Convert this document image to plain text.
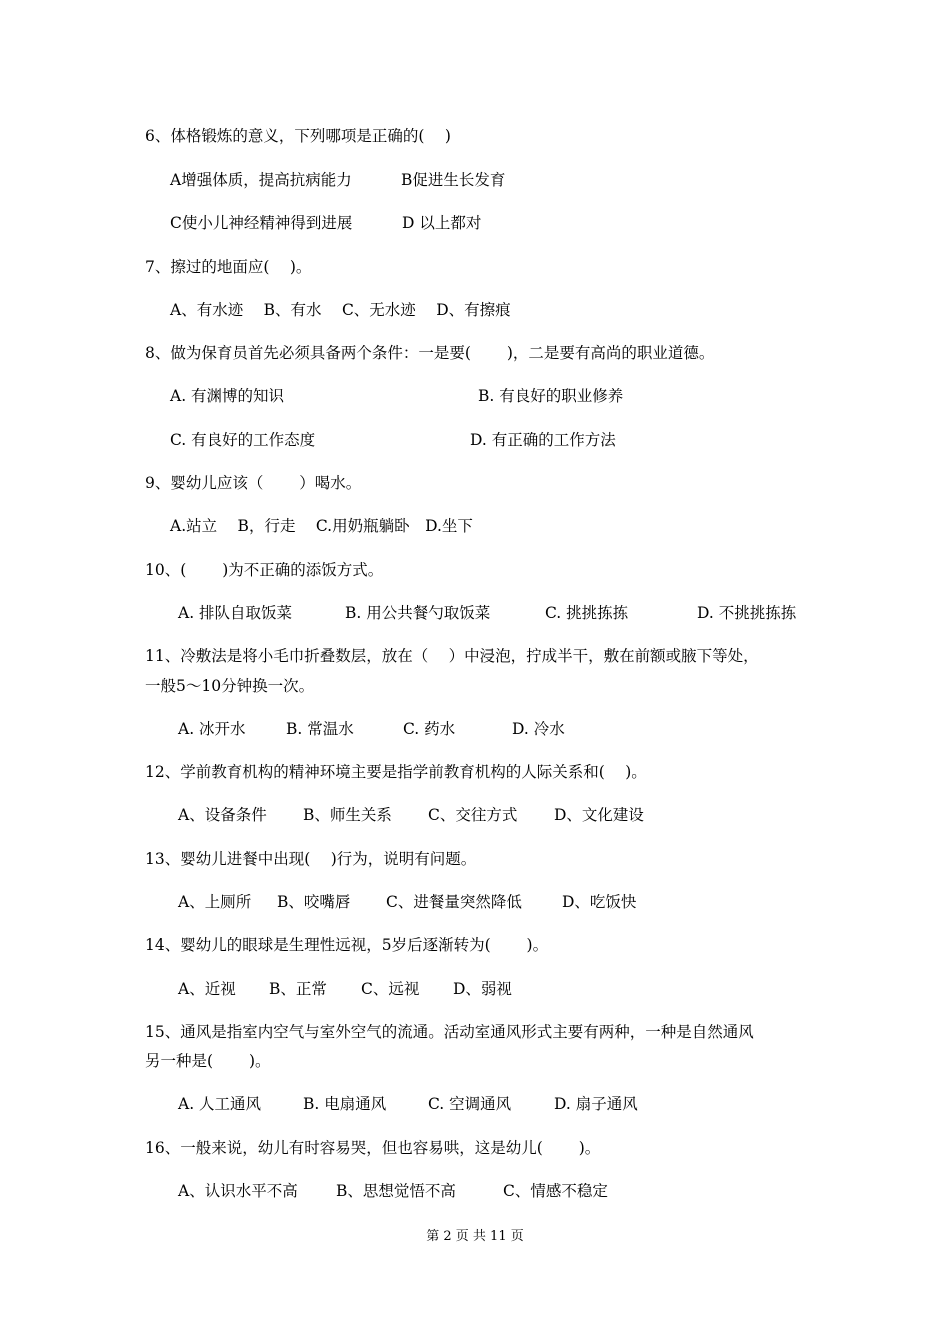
6、体格锻炼的意义，下列哪项是正确的(　 )
A增强体质，提高抗病能力	B促进生长发育
C使小儿神经精神得到进展	D 以上都对
7、擦过的地面应(　 )。
A、有水迹　 B、有水　 C、无水迹　 D、有擦痕
8、做为保育员首先必须具备两个条件：一是要(　　 )，二是要有高尚的职业道德。
A. 有渊博的知识	B. 有良好的职业修养
C. 有良好的工作态度	D. 有正确的工作方法
9、婴幼儿应该（　　 ）喝水。
A.站立　 B，行走　 C.用奶瓶躺卧　D.坐下
10、(　　 )为不正确的添饭方式。
A. 排队自取饭菜	B. 用公共餐勺取饭菜	C. 挑挑拣拣	D. 不挑挑拣拣
11、冷敷法是将小毛巾折叠数层，放在（　 ）中浸泡，拧成半干，敷在前额或腋下等处，
一般5～10分钟换一次。
A. 冰开水	B. 常温水	C. 药水	D. 冷水
12、学前教育机构的精神环境主要是指学前教育机构的人际关系和(　 )。
A、设备条件 B、师生关系 C、交往方式 D、文化建设
13、婴幼儿进餐中出现(　 )行为，说明有问题。
A、上厕所 B、咬嘴唇 C、进餐量突然降低	D、吃饭快
14、婴幼儿的眼球是生理性远视，5岁后逐渐转为(　　 )。
A、近视 B、正常 C、远视 D、弱视
15、通风是指室内空气与室外空气的流通。活动室通风形式主要有两种，一种是自然通风
另一种是(　　 )。
A. 人工通风	B. 电扇通风	C. 空调通风	D. 扇子通风
16、一般来说，幼儿有时容易哭，但也容易哄，这是幼儿(　　 )。
A、认识水平不高 B、思想觉悟不高	C、情感不稳定
第 2 页 共 11 页
